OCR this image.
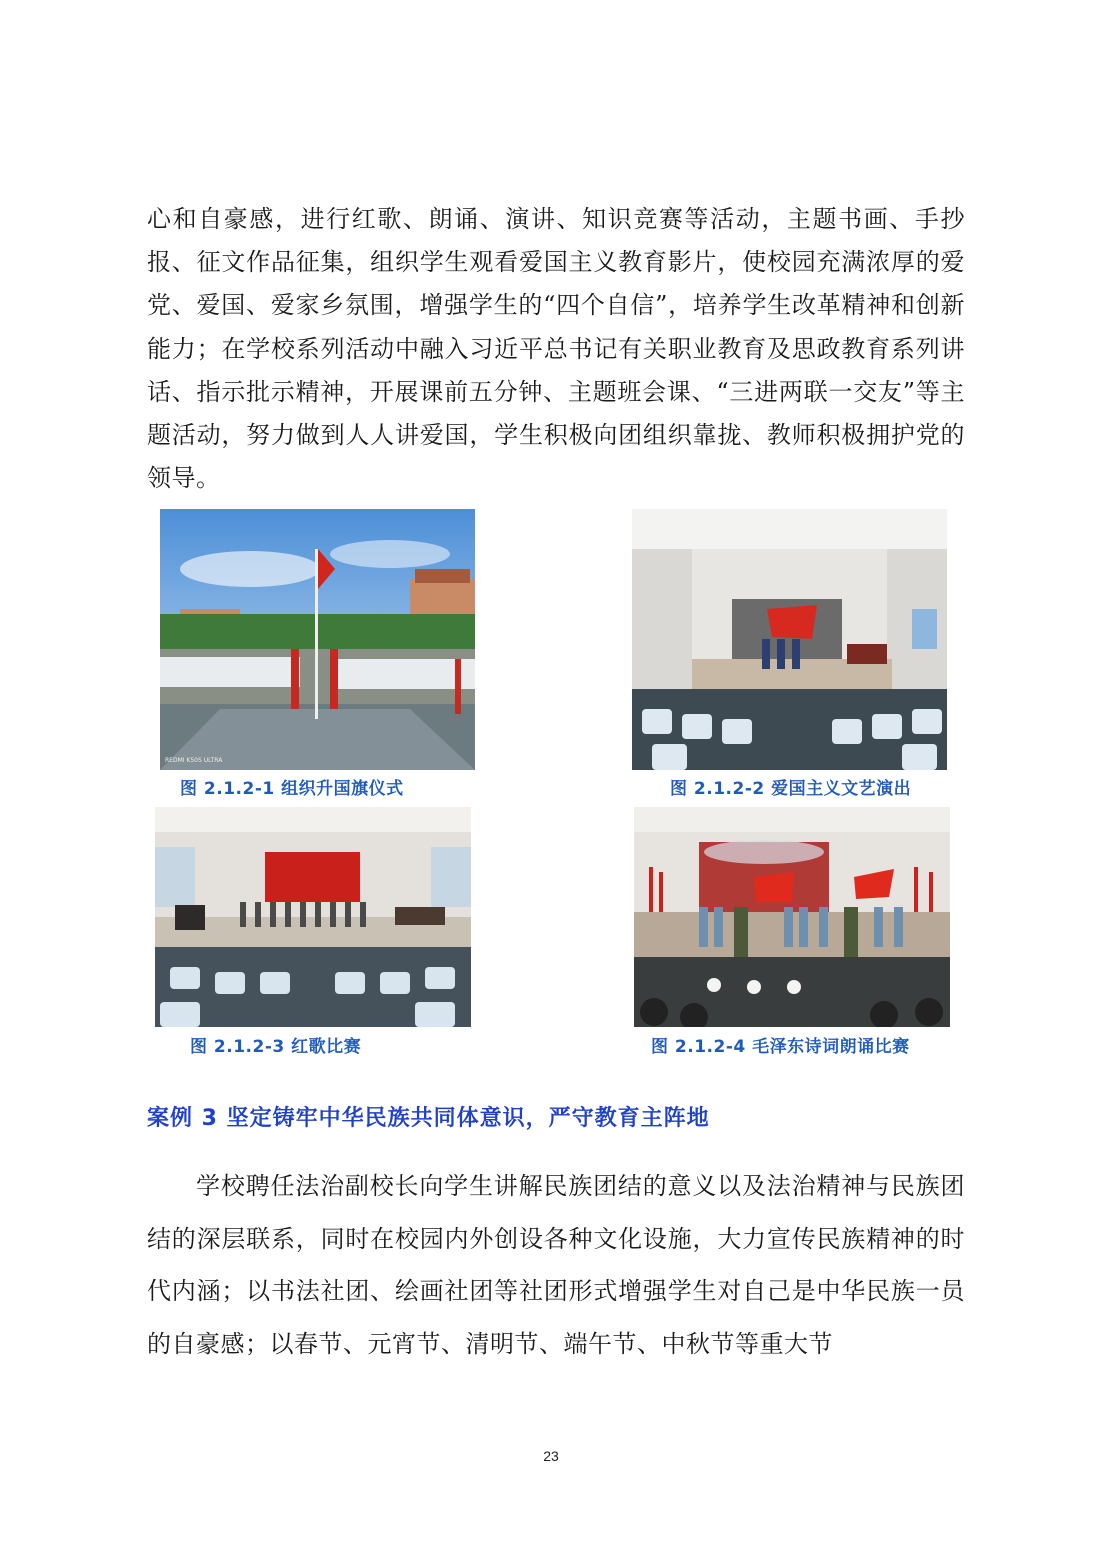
心和自豪感，进行红歌、朗诵、演讲、知识竞赛等活动，主题书画、手抄报、征文作品征集，组织学生观看爱国主义教育影片，使校园充满浓厚的爱党、爱国、爱家乡氛围，增强学生的“四个自信”，培养学生改革精神和创新能力；在学校系列活动中融入习近平总书记有关职业教育及思政教育系列讲话、指示批示精神，开展课前五分钟、主题班会课、“三进两联一交友”等主题活动，努力做到人人讲爱国，学生积极向团组织靠拢、教师积极拥护党的领导。
REDMI K50S ULTRA
图 2.1.2-1 组织升国旗仪式	图 2.1.2-2 爱国主义文艺演出
图 2.1.2-3 红歌比赛	图 2.1.2-4 毛泽东诗词朗诵比赛
案例 3 坚定铸牢中华民族共同体意识，严守教育主阵地
学校聘任法治副校长向学生讲解民族团结的意义以及法治精神与民族团结的深层联系，同时在校园内外创设各种文化设施，大力宣传民族精神的时代内涵；以书法社团、绘画社团等社团形式增强学生对自己是中华民族一员的自豪感；以春节、元宵节、清明节、端午节、中秋节等重大节
23
